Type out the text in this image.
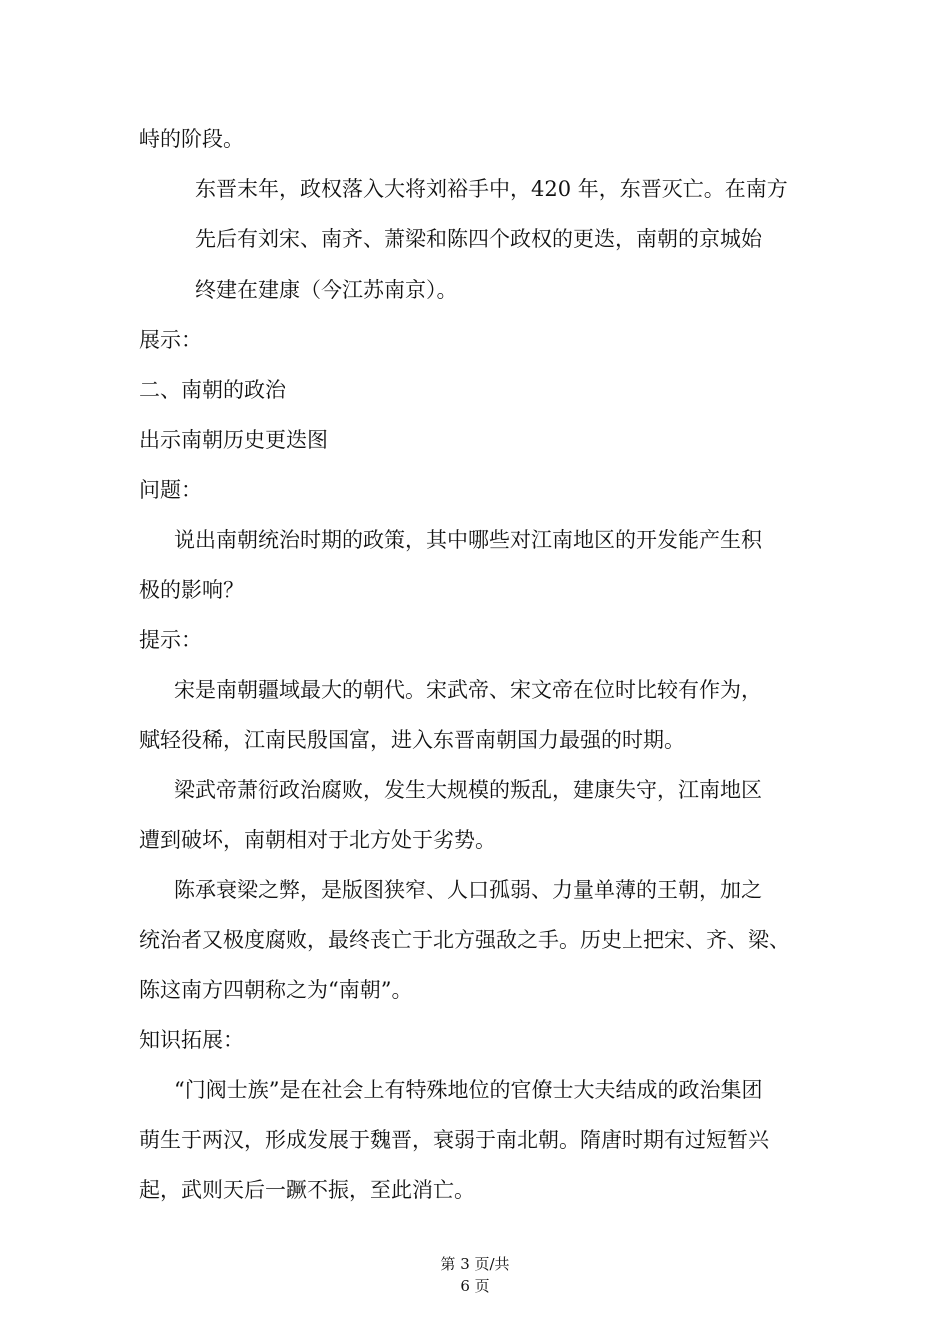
峙的阶段。

东晋末年，政权落入大将刘裕手中，420 年，东晋灭亡。在南方

先后有刘宋、南齐、萧梁和陈四个政权的更迭，南朝的京城始

终建在建康（今江苏南京）。

展示：

二、南朝的政治

出示南朝历史更迭图

问题：

说出南朝统治时期的政策，其中哪些对江南地区的开发能产生积

极的影响？

提示：

宋是南朝疆域最大的朝代。宋武帝、宋文帝在位时比较有作为，

赋轻役稀，江南民殷国富，进入东晋南朝国力最强的时期。

梁武帝萧衍政治腐败，发生大规模的叛乱，建康失守，江南地区

遭到破坏，南朝相对于北方处于劣势。

陈承衰梁之弊，是版图狭窄、人口孤弱、力量单薄的王朝，加之

统治者又极度腐败，最终丧亡于北方强敌之手。历史上把宋、齐、梁、

陈这南方四朝称之为“南朝”。

知识拓展：

“门阀士族”是在社会上有特殊地位的官僚士大夫结成的政治集团

萌生于两汉，形成发展于魏晋，衰弱于南北朝。隋唐时期有过短暂兴

起，武则天后一蹶不振，至此消亡。

第 3 页/共

6 页
